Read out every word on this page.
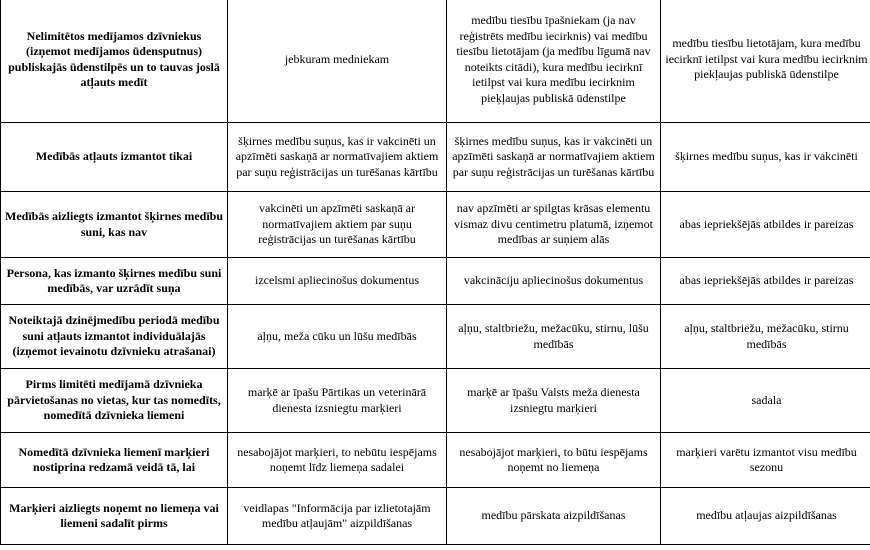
Nelimitētos medījamos dzīvniekus (izņemot medījamos ūdensputnus) publiskajās ūdenstilpēs un to tauvas joslā atļauts medīt	jebkuram medniekam	medību tiesību īpašniekam (ja nav reģistrēts medību iecirknis) vai medību tiesību lietotājam (ja medību līgumā nav noteikts citādi), kura medību iecirknī ietilpst vai kura medību iecirknim pieķļaujas publiskā ūdenstilpe	medību tiesību lietotājam, kura medību iecirknī ietilpst vai kura medību iecirknim piekļaujas publiskā ūdenstilpe
Medībās atļauts izmantot tikai	šķirnes medību suņus, kas ir vakcinēti un apzīmēti saskaņā ar normatīvajiem aktiem par suņu reģistrācijas un turēšanas kārtību	šķirnes medību suņus, kas ir vakcinēti un apzīmēti saskaņā ar normatīvajiem aktiem par suņu reģistrācijas un turēšanas kārtību	šķirnes medību suņus, kas ir vakcinēti
Medībās aizliegts izmantot šķirnes medību suni, kas nav	vakcinēti un apzīmēti saskaņā ar normatīvajiem aktiem par suņu reģistrācijas un turēšanas kārtību	nav apzīmēti ar spilgtas krāsas elementu vismaz divu centimetru platumā, izņemot medības ar suņiem alās	abas iepriekšējās atbildes ir pareizas
Persona, kas izmanto šķirnes medību suni medībās, var uzrādīt suņa	izcelsmi apliecinošus dokumentus	vakcināciju apliecinošus dokumentus	abas iepriekšējās atbildes ir pareizas
Noteiktajā dzinējmedību periodā medību suni atļauts izmantot individuālajās (izņemot ievainotu dzīvnieku atrašanai)	aļņu, meža cūku un lūšu medībās	aļņu, staltbriežu, mežacūku, stirnu, lūšu medībās	aļņu, staltbriežu, mežacūku, stirnu medībās
Pirms limitēti medījamā dzīvnieka pārvietošanas no vietas, kur tas nomedīts, nomedītā dzīvnieka liemeni	marķē ar īpašu Pārtikas un veterinārā dienesta izsniegtu marķieri	marķē ar īpašu Valsts meža dienesta izsniegtu marķieri	sadala
Nomedītā dzīvnieka liemenī marķieri nostiprina redzamā veidā tā, lai	nesabojājot marķieri, to nebūtu iespējams noņemt līdz liemeņa sadalei	nesabojājot marķieri, to būtu iespējams noņemt no liemeņa	marķieri varētu izmantot visu medību sezonu
Marķieri aizliegts noņemt no liemeņa vai liemeni sadalīt pirms	veidlapas "Informācija par izlietotajām medību atļaujām" aizpildīšanas	medību pārskata aizpildīšanas	medību atļaujas aizpildīšanas
